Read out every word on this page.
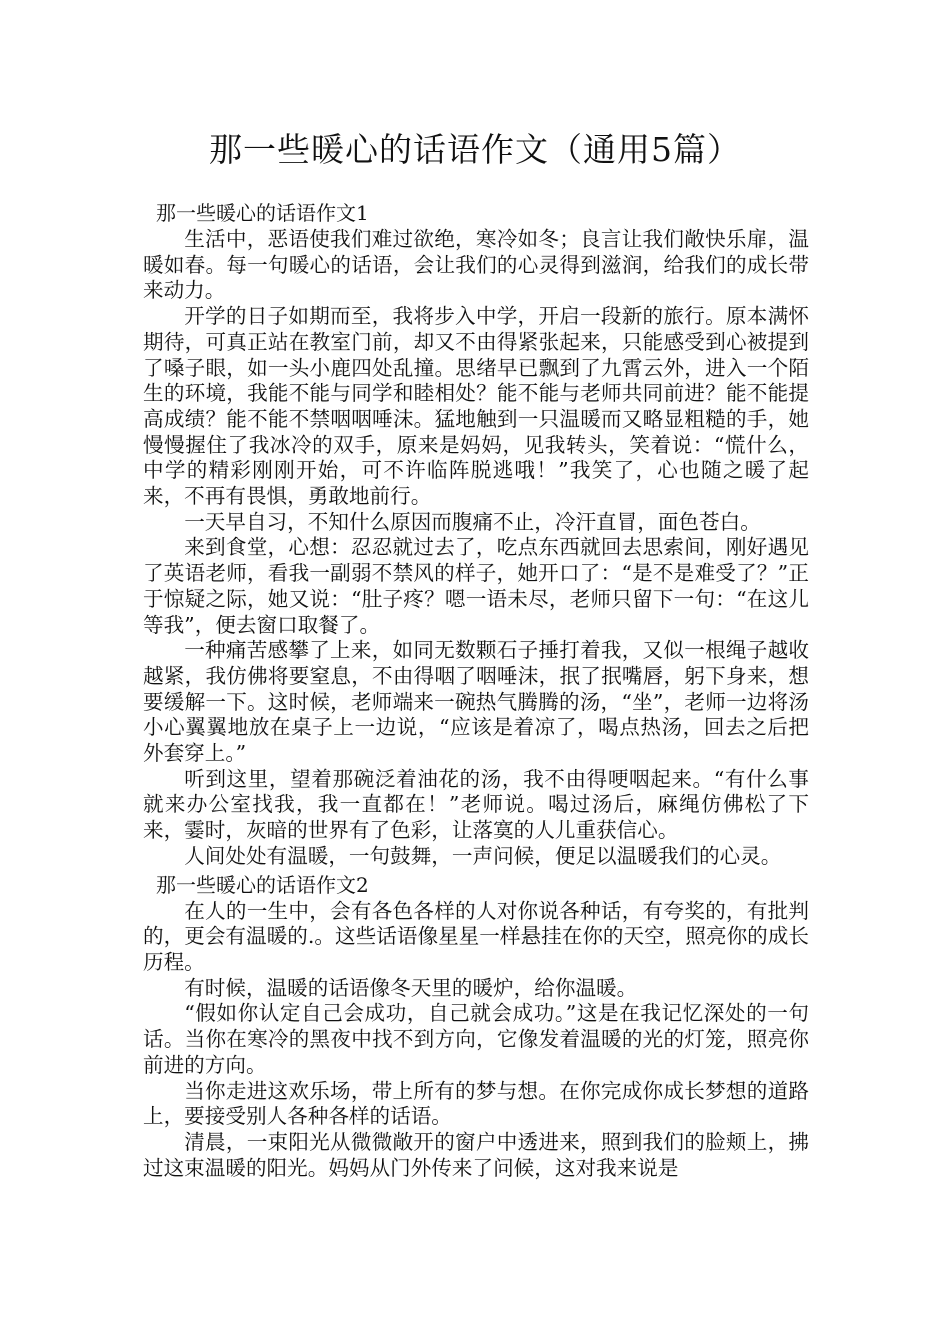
那一些暖心的话语作文（通用5篇）
那一些暖心的话语作文1

生活中，恶语使我们难过欲绝，寒冷如冬；良言让我们敞快乐扉，温暖如春。每一句暖心的话语，会让我们的心灵得到滋润，给我们的成长带来动力。

开学的日子如期而至，我将步入中学，开启一段新的旅行。原本满怀期待，可真正站在教室门前，却又不由得紧张起来，只能感受到心被提到了嗓子眼，如一头小鹿四处乱撞。思绪早已飘到了九霄云外，进入一个陌生的环境，我能不能与同学和睦相处？能不能与老师共同前进？能不能提高成绩？能不能不禁咽咽唾沫。猛地触到一只温暖而又略显粗糙的手，她慢慢握住了我冰冷的双手，原来是妈妈，见我转头，笑着说：“慌什么，中学的精彩刚刚开始，可不许临阵脱逃哦！”我笑了，心也随之暖了起来，不再有畏惧，勇敢地前行。

一天早自习，不知什么原因而腹痛不止，冷汗直冒，面色苍白。

来到食堂，心想：忍忍就过去了，吃点东西就回去思索间，刚好遇见了英语老师，看我一副弱不禁风的样子，她开口了：“是不是难受了？”正于惊疑之际，她又说：“肚子疼？嗯一语未尽，老师只留下一句：“在这儿等我”，便去窗口取餐了。

一种痛苦感攀了上来，如同无数颗石子捶打着我，又似一根绳子越收越紧，我仿佛将要窒息，不由得咽了咽唾沫，抿了抿嘴唇，躬下身来，想要缓解一下。这时候，老师端来一碗热气腾腾的汤，“坐”，老师一边将汤小心翼翼地放在桌子上一边说，“应该是着凉了，喝点热汤，回去之后把外套穿上。”

听到这里，望着那碗泛着油花的汤，我不由得哽咽起来。“有什么事就来办公室找我，我一直都在！”老师说。喝过汤后，麻绳仿佛松了下来，霎时，灰暗的世界有了色彩，让落寞的人儿重获信心。

人间处处有温暖，一句鼓舞，一声问候，便足以温暖我们的心灵。

那一些暖心的话语作文2

在人的一生中，会有各色各样的人对你说各种话，有夸奖的，有批判的，更会有温暖的.。这些话语像星星一样悬挂在你的天空，照亮你的成长历程。

有时候，温暖的话语像冬天里的暖炉，给你温暖。

“假如你认定自己会成功，自己就会成功。”这是在我记忆深处的一句话。当你在寒冷的黑夜中找不到方向，它像发着温暖的光的灯笼，照亮你前进的方向。

当你走进这欢乐场，带上所有的梦与想。在你完成你成长梦想的道路上，要接受别人各种各样的话语。

清晨，一束阳光从微微敞开的窗户中透进来，照到我们的脸颊上，拂过这束温暖的阳光。妈妈从门外传来了问候，这对我来说是
